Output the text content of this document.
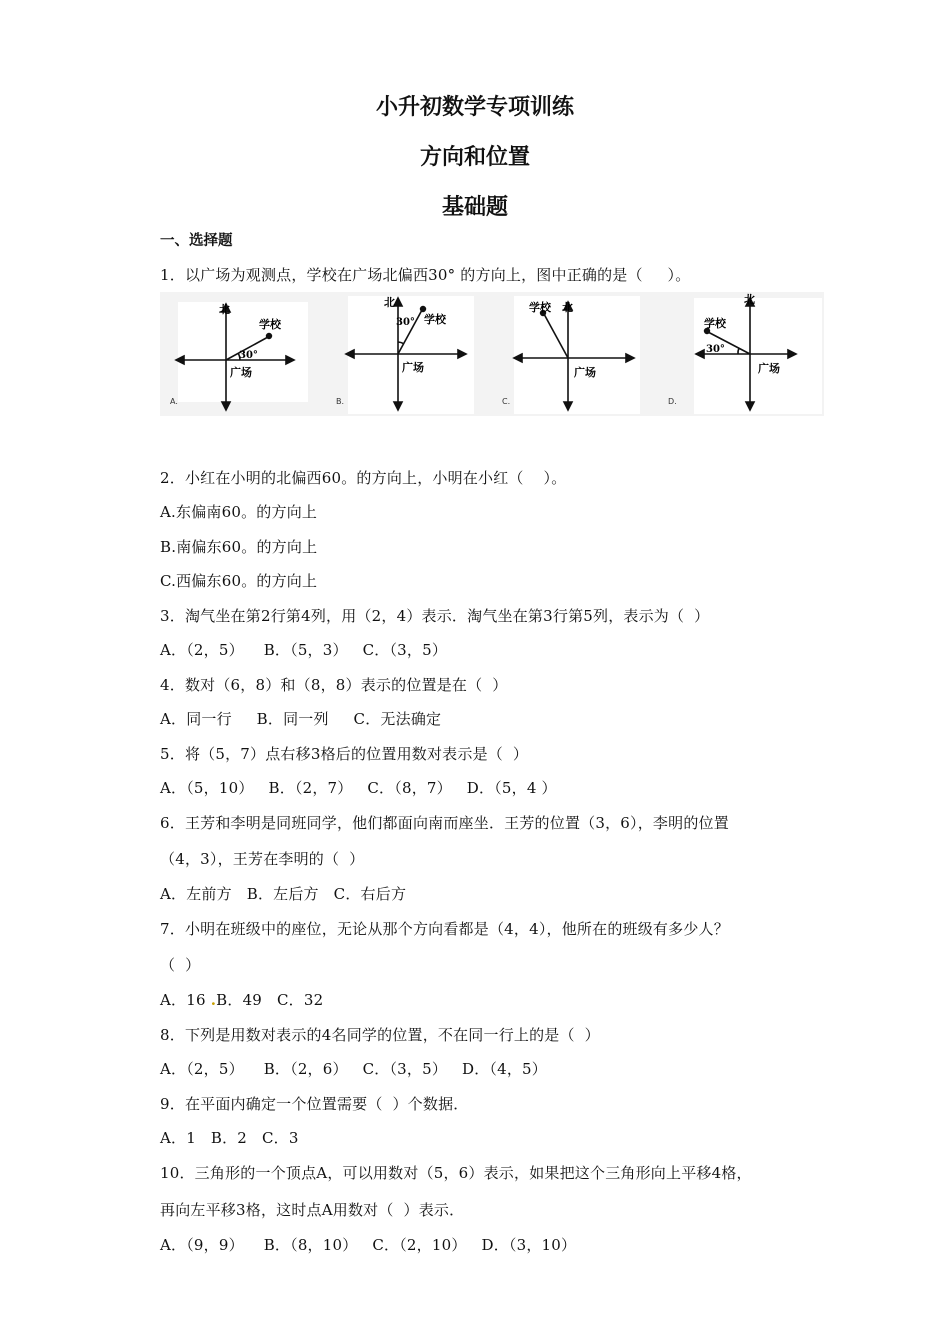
小升初数学专项训练
方向和位置
基础题
一、选择题
1．以广场为观测点，学校在广场北偏西30° 的方向上，图中正确的是（     ）。
北
学校
30°
广场
A.
北
30° 学校
广场
B.
学校 北
广场
C.
北
学校
30°
广场
D.
2．小红在小明的北偏西60。的方向上，小明在小红（    ）。
A.东偏南60。的方向上
B.南偏东60。的方向上
C.西偏东60。的方向上
3．淘气坐在第2行第4列，用（2，4）表示．淘气坐在第3行第5列，表示为（  ）
A．（2，5）    B．（5，3）   C．（3，5）
4．数对（6，8）和（8，8）表示的位置是在（  ）
A．同一行     B．同一列     C．无法确定
5．将（5，7）点右移3格后的位置用数对表示是（  ）
A．（5，10）   B．（2，7）   C．（8，7）   D．（5，4 ）
6．王芳和李明是同班同学，他们都面向南而座坐．王芳的位置（3，6），李明的位置
（4，3），王芳在李明的（  ）
A．左前方   B．左后方   C．右后方
7．小明在班级中的座位，无论从那个方向看都是（4，4），他所在的班级有多少人？
（  ）
A．16 .B．49   C．32
8．下列是用数对表示的4名同学的位置，不在同一行上的是（  ）
A．（2，5）    B．（2，6）   C．（3，5）   D．（4，5）
9．在平面内确定一个位置需要（  ）个数据．
A．1   B．2   C．3
10．三角形的一个顶点A，可以用数对（5，6）表示，如果把这个三角形向上平移4格，
再向左平移3格，这时点A用数对（  ）表示．
A．（9，9）    B．（8，10）   C．（2，10）   D．（3，10）
